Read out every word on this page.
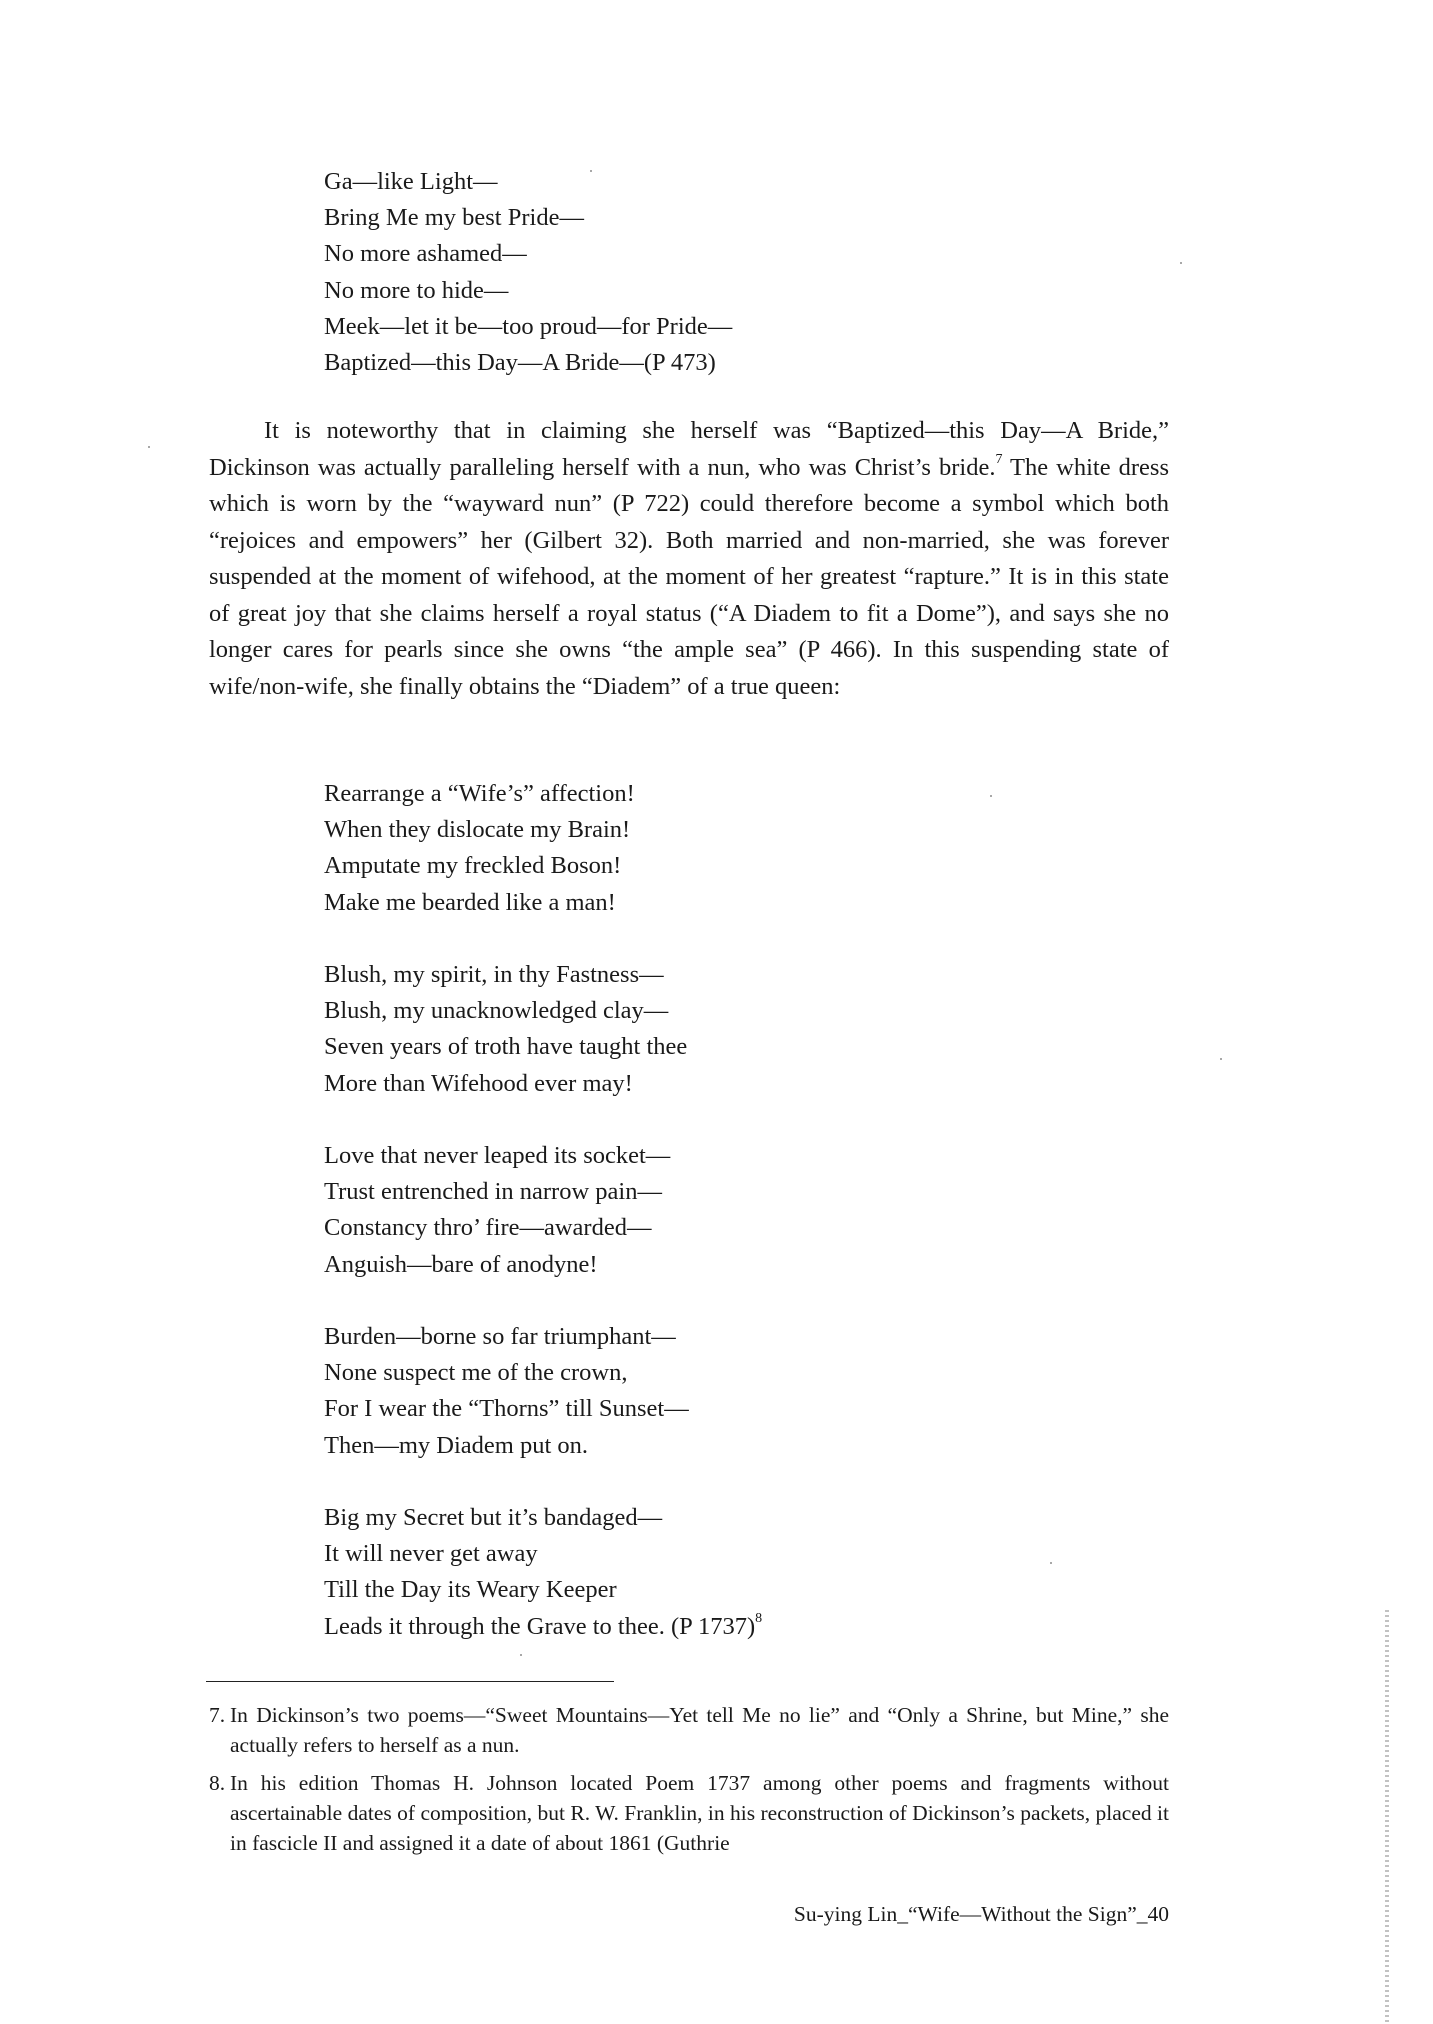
Ga—like Light—
Bring Me my best Pride—
No more ashamed—
No more to hide—
Meek—let it be—too proud—for Pride—
Baptized—this Day—A Bride—(P 473)

It is noteworthy that in claiming she herself was “Baptized—this Day—A Bride,” Dickinson was actually paralleling herself with a nun, who was Christ’s bride.$^7$ The white dress which is worn by the “wayward nun” (P 722) could therefore become a symbol which both “rejoices and empowers” her (Gilbert 32). Both married and non-married, she was forever suspended at the moment of wifehood, at the moment of her greatest “rapture.” It is in this state of great joy that she claims herself a royal status (“A Diadem to fit a Dome”), and says she no longer cares for pearls since she owns “the ample sea” (P 466). In this suspending state of wife/non-wife, she finally obtains the “Diadem” of a true queen:

Rearrange a “Wife’s” affection!
When they dislocate my Brain!
Amputate my freckled Boson!
Make me bearded like a man!
Blush, my spirit, in thy Fastness—
Blush, my unacknowledged clay—
Seven years of troth have taught thee
More than Wifehood ever may!
Love that never leaped its socket—
Trust entrenched in narrow pain—
Constancy thro’ fire—awarded—
Anguish—bare of anodyne!
Burden—borne so far triumphant—
None suspect me of the crown,
For I wear the “Thorns” till Sunset—
Then—my Diadem put on.
Big my Secret but it’s bandaged—
It will never get away
Till the Day its Weary Keeper
Leads it through the Grave to thee. (P 1737)$^8$
7. In Dickinson’s two poems—“Sweet Mountains—Yet tell Me no lie” and “Only a Shrine, but Mine,” she actually refers to herself as a nun.
8. In his edition Thomas H. Johnson located Poem 1737 among other poems and fragments without ascertainable dates of composition, but R. W. Franklin, in his reconstruction of Dickinson’s packets, placed it in fascicle II and assigned it a date of about 1861 (Guthrie
Su-ying Lin_“Wife—Without the Sign”_40
